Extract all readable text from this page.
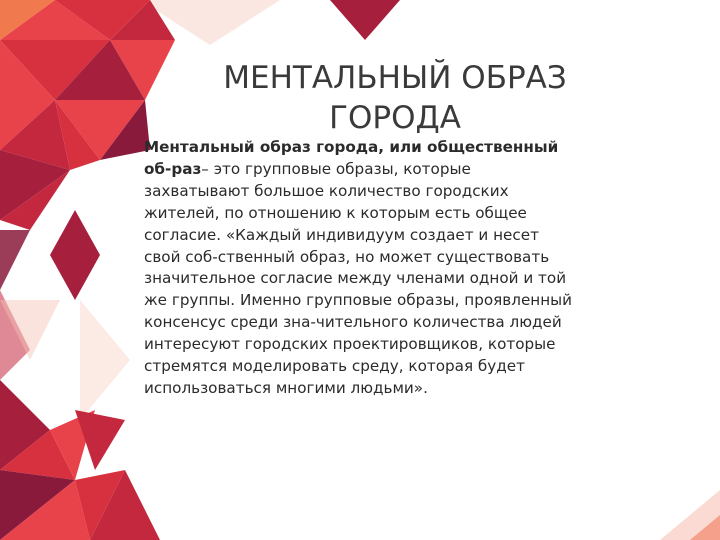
МЕНТАЛЬНЫЙ ОБРАЗ
ГОРОДА
Ментальный образ города, или общественный
об-раз– это групповые образы, которые
захватывают большое количество городских
жителей, по отношению к которым есть общее
согласие. «Каждый индивидуум создает и несет
свой соб-ственный образ, но может существовать
значительное согласие между членами одной и той
же группы. Именно групповые образы, проявленный
консенсус среди зна-чительного количества людей
интересуют городских проектировщиков, которые
стремятся моделировать среду, которая будет
использоваться многими людьми».
